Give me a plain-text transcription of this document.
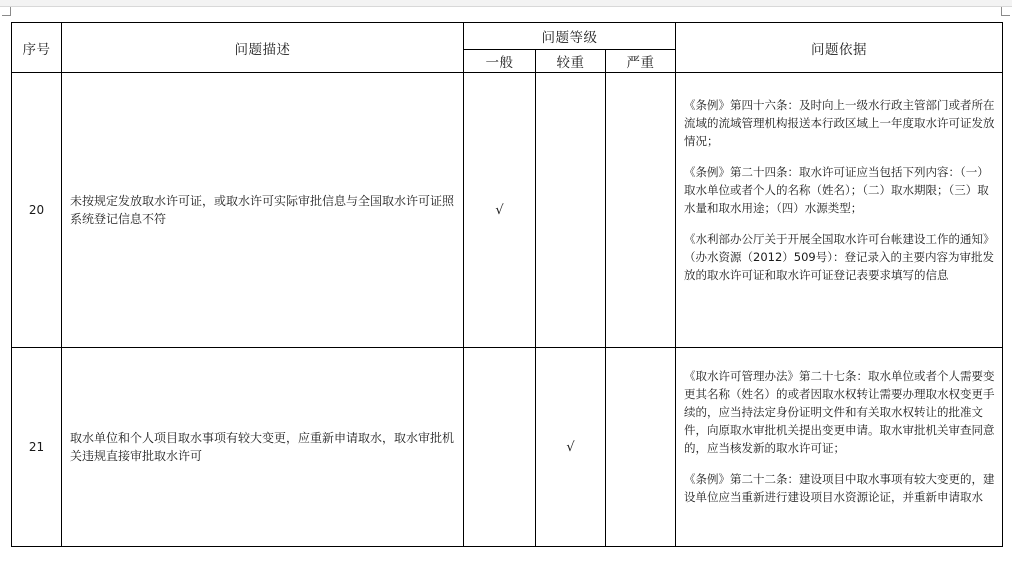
序号	问题描述	问题等级			问题依据
		一般	较重	严重	
20	未按规定发放取水许可证，或取水许可实际审批信息与全国取水许可证照系统登记信息不符	√			《条例》第四十六条：及时向上一级水行政主管部门或者所在流域的流域管理机构报送本行政区域上一年度取水许可证发放情况；

《条例》第二十四条：取水许可证应当包括下列内容：（一）取水单位或者个人的名称（姓名）；（二）取水期限；（三）取水量和取水用途；（四）水源类型；

《水利部办公厅关于开展全国取水许可台帐建设工作的通知》（办水资源（2012）509号）：登记录入的主要内容为审批发放的取水许可证和取水许可证登记表要求填写的信息

21	取水单位和个人项目取水事项有较大变更，应重新申请取水，取水审批机关违规直接审批取水许可		√		《取水许可管理办法》第二十七条：取水单位或者个人需要变更其名称（姓名）的或者因取水权转让需要办理取水权变更手续的，应当持法定身份证明文件和有关取水权转让的批准文件，向原取水审批机关提出变更申请。取水审批机关审查同意的，应当核发新的取水许可证；

《条例》第二十二条：建设项目中取水事项有较大变更的，建设单位应当重新进行建设项目水资源论证，并重新申请取水
